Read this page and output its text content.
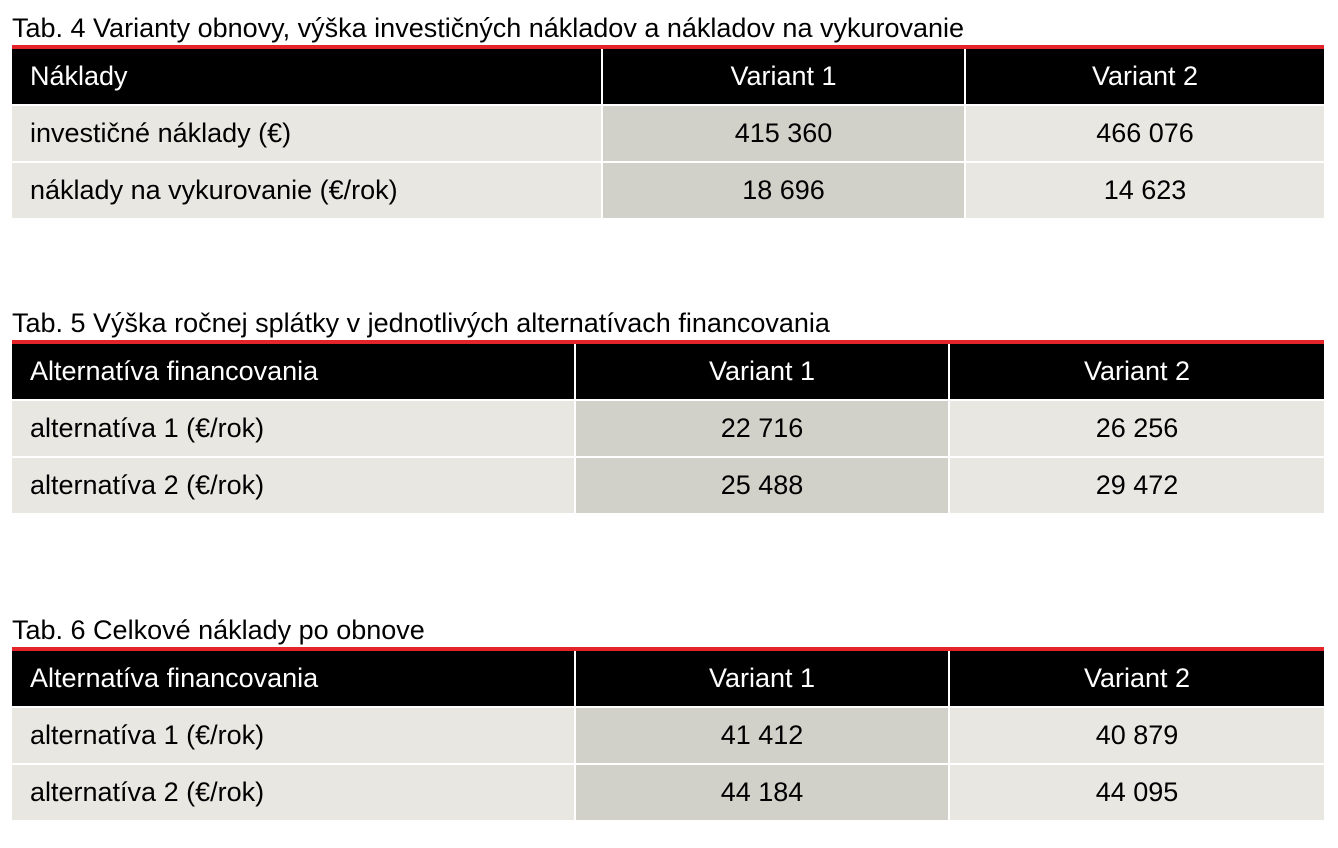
Tab. 4 Varianty obnovy, výška investičných nákladov a nákladov na vykurovanie
Náklady	Variant 1	Variant 2
investičné náklady (€)	415 360	466 076
náklady na vykurovanie (€/rok)	18 696	14 623
Tab. 5 Výška ročnej splátky v jednotlivých alternatívach financovania
Alternatíva financovania	Variant 1	Variant 2
alternatíva 1 (€/rok)	22 716	26 256
alternatíva 2 (€/rok)	25 488	29 472
Tab. 6 Celkové náklady po obnove
Alternatíva financovania	Variant 1	Variant 2
alternatíva 1 (€/rok)	41 412	40 879
alternatíva 2 (€/rok)	44 184	44 095
